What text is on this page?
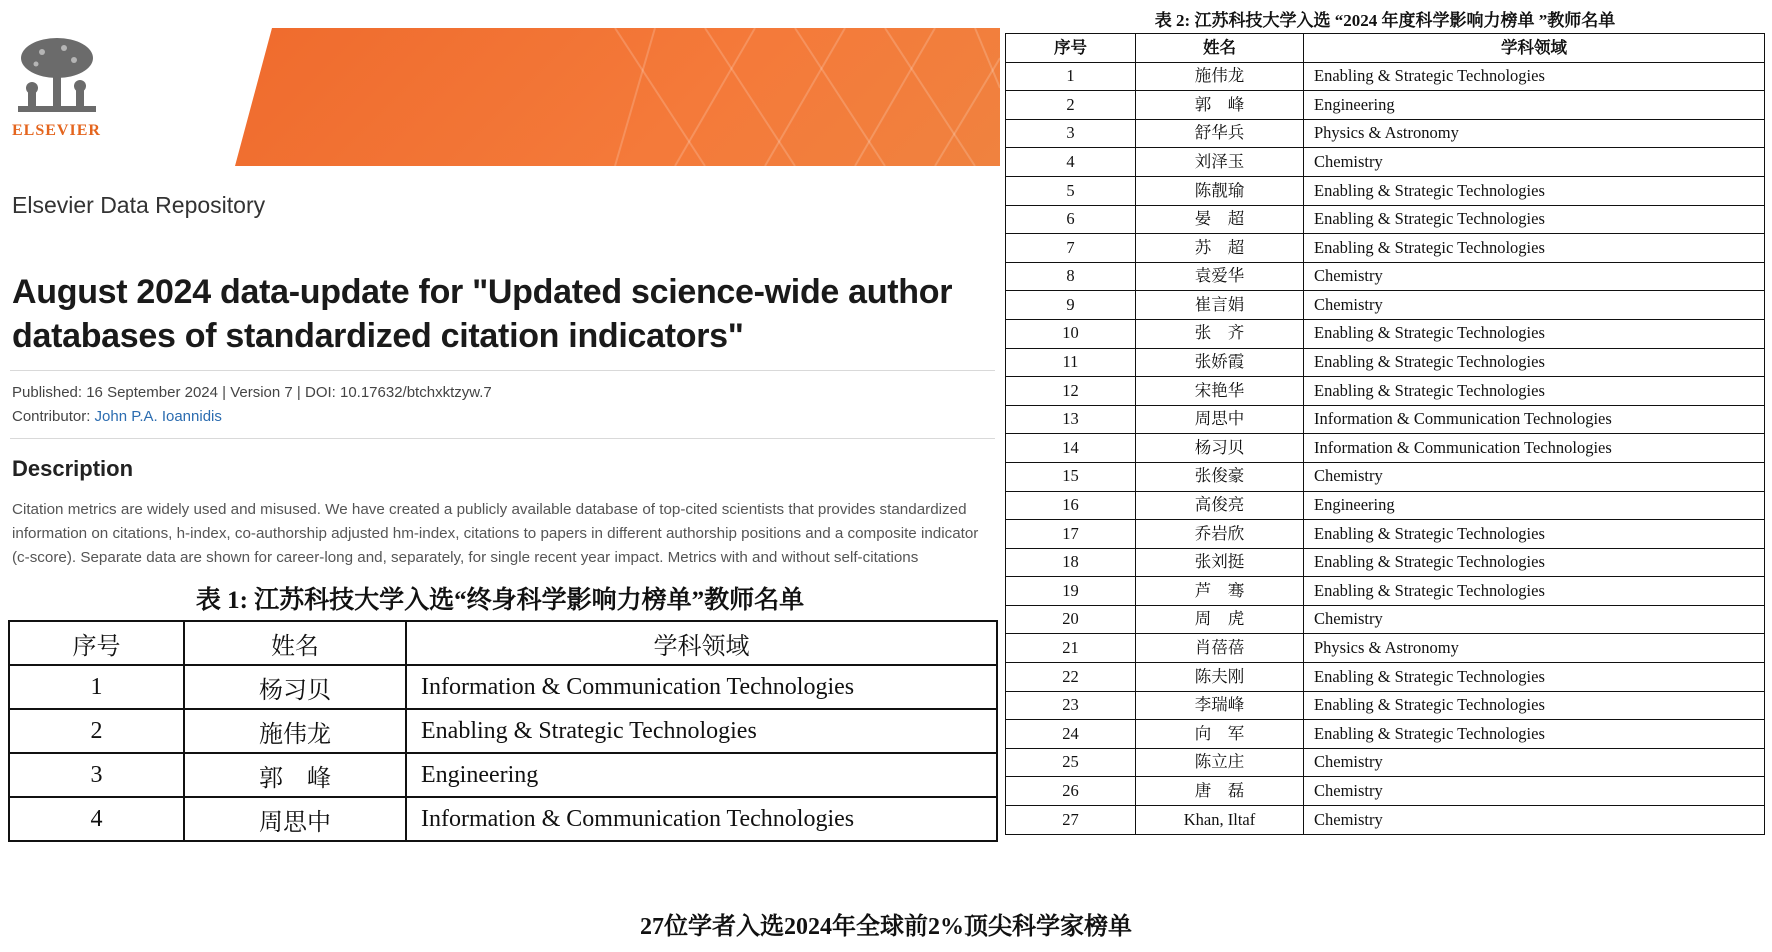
ELSEVIER
Elsevier Data Repository
August 2024 data-update for "Updated science-wide author databases of standardized citation indicators"
Published: 16 September 2024 | Version 7 | DOI: 10.17632/btchxktzyw.7
Contributor: John P.A. Ioannidis
Description
Citation metrics are widely used and misused. We have created a publicly available database of top-cited scientists that provides standardized information on citations, h-index, co-authorship adjusted hm-index, citations to papers in different authorship positions and a composite indicator (c-score). Separate data are shown for career-long and, separately, for single recent year impact. Metrics with and without self-citations
表 1: 江苏科技大学入选“终身科学影响力榜单”教师名单
序号	姓名	学科领域
1	杨习贝	Information & Communication Technologies
2	施伟龙	Enabling & Strategic Technologies
3	郭　峰	Engineering
4	周思中	Information & Communication Technologies
表 2: 江苏科技大学入选 “2024 年度科学影响力榜单 ”教师名单
序号	姓名	学科领域
1	施伟龙	Enabling & Strategic Technologies
2	郭　峰	Engineering
3	舒华兵	Physics & Astronomy
4	刘泽玉	Chemistry
5	陈靓瑜	Enabling & Strategic Technologies
6	晏　超	Enabling & Strategic Technologies
7	苏　超	Enabling & Strategic Technologies
8	袁爱华	Chemistry
9	崔言娟	Chemistry
10	张　齐	Enabling & Strategic Technologies
11	张娇霞	Enabling & Strategic Technologies
12	宋艳华	Enabling & Strategic Technologies
13	周思中	Information & Communication Technologies
14	杨习贝	Information & Communication Technologies
15	张俊豪	Chemistry
16	高俊亮	Engineering
17	乔岩欣	Enabling & Strategic Technologies
18	张刘挺	Enabling & Strategic Technologies
19	芦　骞	Enabling & Strategic Technologies
20	周　虎	Chemistry
21	肖蓓蓓	Physics & Astronomy
22	陈夫刚	Enabling & Strategic Technologies
23	李瑞峰	Enabling & Strategic Technologies
24	向　军	Enabling & Strategic Technologies
25	陈立庄	Chemistry
26	唐　磊	Chemistry
27	Khan, Iltaf	Chemistry
27位学者入选2024年全球前2%顶尖科学家榜单
